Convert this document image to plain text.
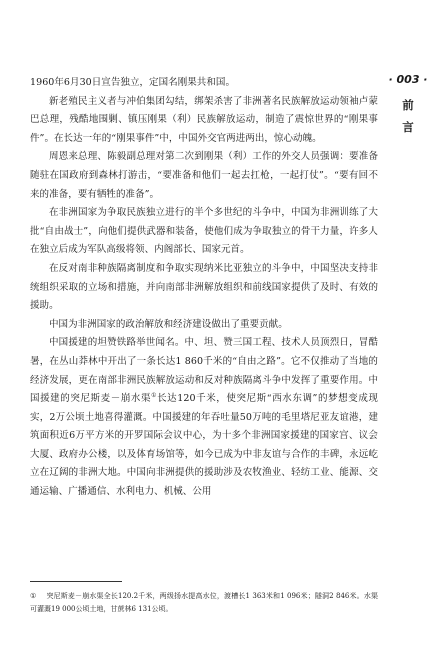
· 003 ·
前
言

1960年6月30日宣告独立，定国名刚果共和国。

新老殖民主义者与冲伯集团勾结，绑架杀害了非洲著名民族解放运动领袖卢蒙巴总理，残酷地围剿、镇压刚果（利）民族解放运动，制造了震惊世界的“刚果事件”。在长达一年的“刚果事件”中，中国外交官两进两出，惊心动魄。

周恩来总理、陈毅副总理对第二次到刚果（利）工作的外交人员强调：要准备随驻在国政府到森林打游击，“要准备和他们一起去扛枪，一起打仗”。“要有回不来的准备，要有牺牲的准备”。

在非洲国家为争取民族独立进行的半个多世纪的斗争中，中国为非洲训练了大批“自由战士”，向他们提供武器和装备，使他们成为争取独立的骨干力量，许多人在独立后成为军队高级将领、内阁部长、国家元首。

在反对南非种族隔离制度和争取实现纳米比亚独立的斗争中，中国坚决支持非统组织采取的立场和措施，并向南部非洲解放组织和前线国家提供了及时、有效的援助。

中国为非洲国家的政治解放和经济建设做出了重要贡献。

中国援建的坦赞铁路举世闻名。中、坦、赞三国工程、技术人员顶烈日，冒酷暑，在丛山莽林中开出了一条长达1 860千米的“自由之路”。它不仅推动了当地的经济发展，更在南部非洲民族解放运动和反对种族隔离斗争中发挥了重要作用。中国援建的突尼斯麦－崩水渠①长达120千米，使突尼斯“西水东调”的梦想变成现实，2万公顷土地喜得灌溉。中国援建的年吞吐量50万吨的毛里塔尼亚友谊港，建筑面积近6万平方米的开罗国际会议中心，为十多个非洲国家援建的国家宫、议会大厦、政府办公楼，以及体育场馆等，如今已成为中非友谊与合作的丰碑，永远屹立在辽阔的非洲大地。中国向非洲提供的援助涉及农牧渔业、轻纺工业、能源、交通运输、广播通信、水利电力、机械、公用

① 突尼斯麦－崩水渠全长120.2千米，两级扬水提高水位，渡槽长1 363米和1 096米；隧洞2 846米。水渠可灌溉19 000公顷土地，甘蔗林6 131公顷。
